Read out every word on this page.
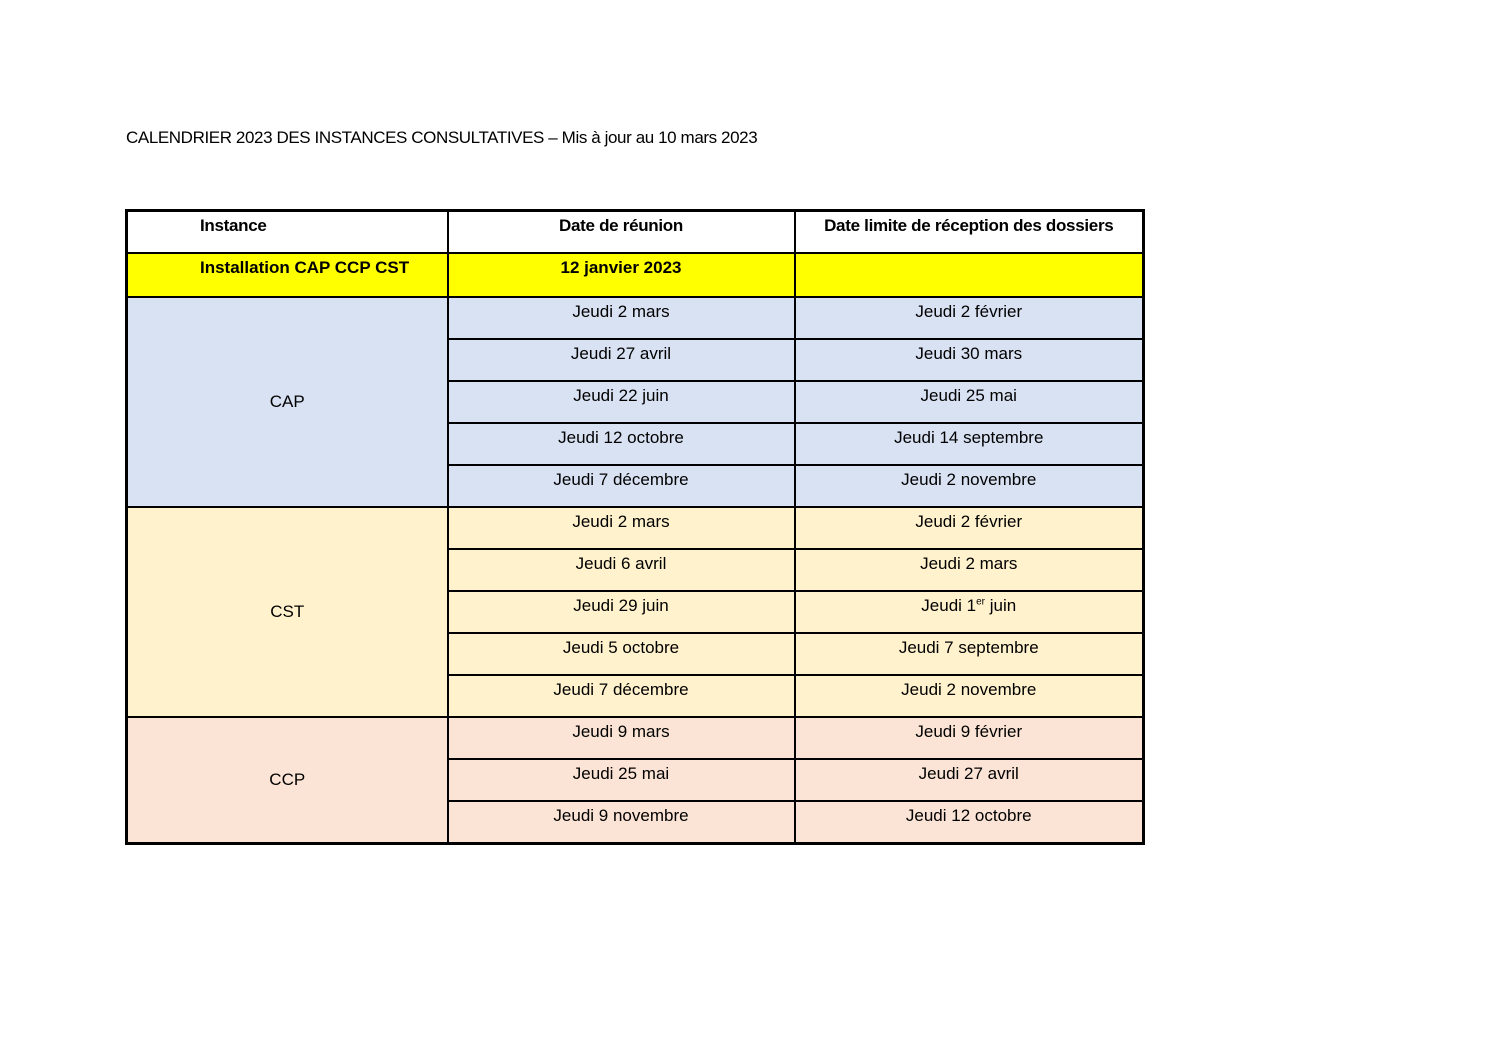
CALENDRIER 2023 DES INSTANCES CONSULTATIVES – Mis à jour au 10 mars 2023
Instance	Date de réunion	Date limite de réception des dossiers
Installation CAP CCP CST	12 janvier 2023	
CAP	Jeudi 2 mars	Jeudi 2 février
	Jeudi 27 avril	Jeudi 30 mars
	Jeudi 22 juin	Jeudi 25 mai
	Jeudi 12 octobre	Jeudi 14 septembre
	Jeudi 7 décembre	Jeudi 2 novembre
CST	Jeudi 2 mars	Jeudi 2 février
	Jeudi 6 avril	Jeudi 2 mars
	Jeudi 29 juin	Jeudi 1er juin
	Jeudi 5 octobre	Jeudi 7 septembre
	Jeudi 7 décembre	Jeudi 2 novembre
CCP	Jeudi 9 mars	Jeudi 9 février
	Jeudi 25 mai	Jeudi 27 avril
	Jeudi 9 novembre	Jeudi 12 octobre
